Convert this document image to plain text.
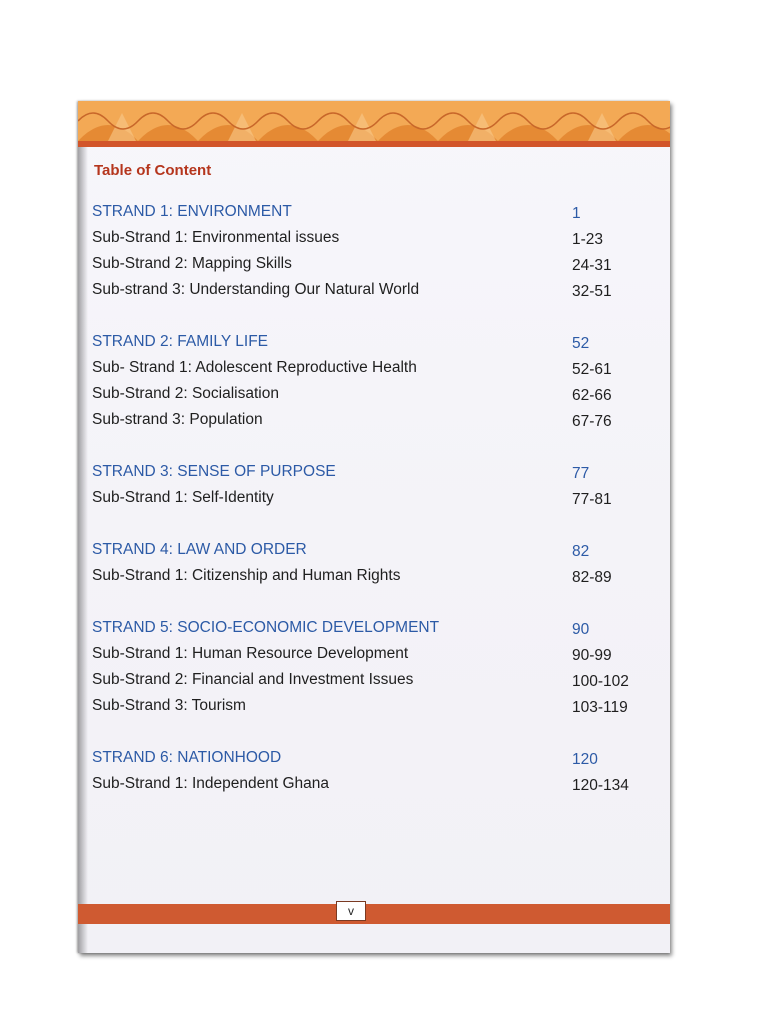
Table of Content
STRAND 1: ENVIRONMENT	1
Sub-Strand 1: Environmental issues	1-23
Sub-Strand 2: Mapping Skills	24-31
Sub-strand 3: Understanding Our Natural World	32-51
STRAND 2: FAMILY LIFE	52
Sub- Strand 1: Adolescent Reproductive Health	52-61
Sub-Strand 2: Socialisation	62-66
Sub-strand 3: Population	67-76
STRAND 3: SENSE OF PURPOSE	77
Sub-Strand 1: Self-Identity	77-81
STRAND 4: LAW AND ORDER	82
Sub-Strand 1: Citizenship and Human Rights	82-89
STRAND 5: SOCIO-ECONOMIC DEVELOPMENT	90
Sub-Strand 1: Human Resource Development	90-99
Sub-Strand 2: Financial and Investment Issues	100-102
Sub-Strand 3: Tourism	103-119
STRAND 6: NATIONHOOD	120
Sub-Strand 1: Independent Ghana	120-134
v
